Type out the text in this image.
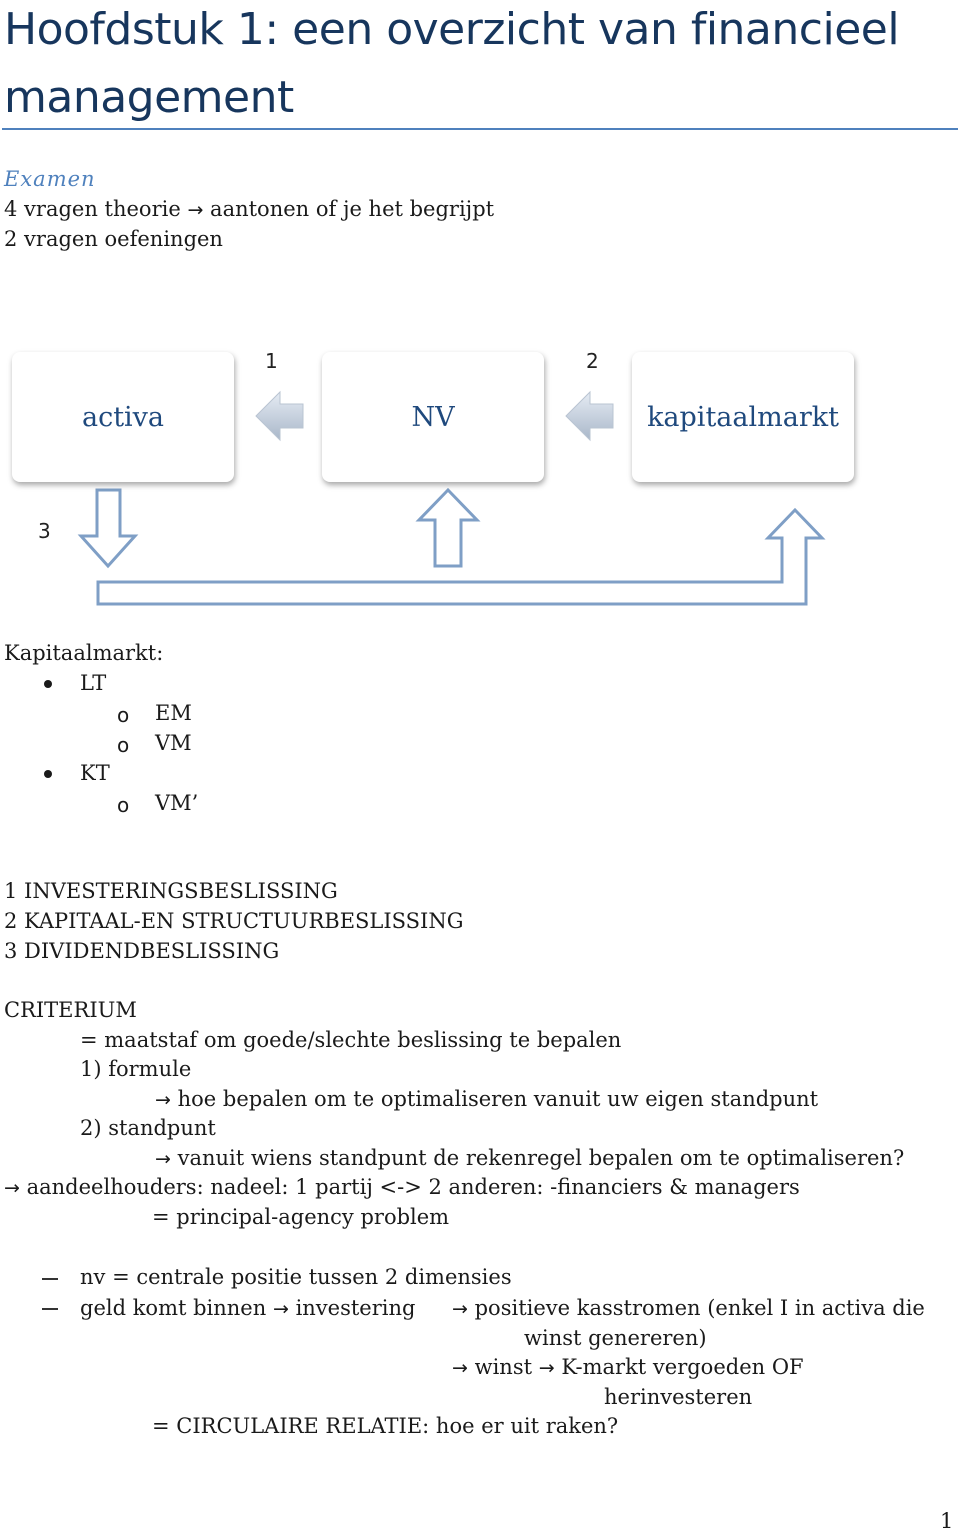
Hoofdstuk 1: een overzicht van financieel management
Examen
4 vragen theorie → aantonen of je het begrijpt
2 vragen oefeningen
activa	NV	kapitaalmarkt
1	2
3
Kapitaalmarkt:
LT
o EM
o VM
KT
o VM’
1 INVESTERINGSBESLISSING
2 KAPITAAL-EN STRUCTUURBESLISSING
3 DIVIDENDBESLISSING
CRITERIUM
= maatstaf om goede/slechte beslissing te bepalen
1) formule
→ hoe bepalen om te optimaliseren vanuit uw eigen standpunt
2) standpunt
→ vanuit wiens standpunt de rekenregel bepalen om te optimaliseren?
→ aandeelhouders: nadeel: 1 partij <-> 2 anderen: -financiers & managers
= principal-agency problem
nv = centrale positie tussen 2 dimensies
geld komt binnen → investering → positieve kasstromen (enkel I in activa die
winst genereren)
→ winst → K-markt vergoeden OF
herinvesteren
= CIRCULAIRE RELATIE: hoe er uit raken?
1
